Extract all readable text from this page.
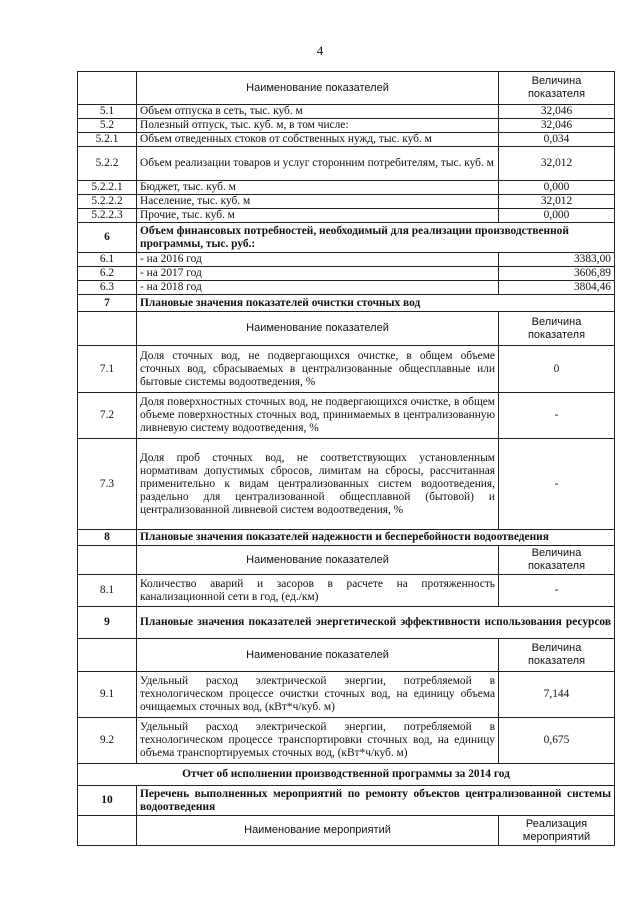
4
	Наименование показателей	Величина показателя
5.1	Объем отпуска в сеть, тыс. куб. м	32,046
5.2	Полезный отпуск, тыс. куб. м, в том числе:	32,046
5.2.1	Объем отведенных стоков от собственных нужд, тыс. куб. м	0,034
5.2.2	Объем реализации товаров и услуг сторонним потребителям, тыс. куб. м	32,012
5.2.2.1	Бюджет, тыс. куб. м	0,000
5.2.2.2	Население, тыс. куб. м	32,012
5.2.2.3	Прочие, тыс. куб. м	0,000
6	Объем финансовых потребностей, необходимый для реализации производственной программы, тыс. руб.:	
6.1	- на 2016 год	3383,00
6.2	- на 2017 год	3606,89
6.3	- на 2018 год	3804,46
7	Плановые значения показателей очистки сточных вод	
	Наименование показателей	Величина показателя
7.1	Доля сточных вод, не подвергающихся очистке, в общем объеме сточных вод, сбрасываемых в централизованные общесплавные или бытовые системы водоотведения, %	0
7.2	Доля поверхностных сточных вод, не подвергающихся очистке, в общем объеме поверхностных сточных вод, принимаемых в централизованную ливневую систему водоотведения, %	-
7.3	Доля проб сточных вод, не соответствующих установленным нормативам допустимых сбросов, лимитам на сбросы, рассчитанная применительно к видам централизованных систем водоотведения, раздельно для централизованной общесплавной (бытовой) и централизованной ливневой систем водоотведения, %	-
8	Плановые значения показателей надежности и бесперебойности водоотведения	
	Наименование показателей	Величина показателя
8.1	Количество аварий и засоров в расчете на протяженность канализационной сети в год, (ед./км)	-
9	Плановые значения показателей энергетической эффективности использования ресурсов	

	Наименование показателей	Величина показателя
9.1	Удельный расход электрической энергии, потребляемой в технологическом процессе очистки сточных вод, на единицу объема очищаемых сточных вод, (кВт*ч/куб. м)	7,144
9.2	Удельный расход электрической энергии, потребляемой в технологическом процессе транспортировки сточных вод, на единицу объема транспортируемых сточных вод, (кВт*ч/куб. м)	0,675
Отчет об исполнении производственной программы за 2014 год		
10	Перечень выполненных мероприятий по ремонту объектов централизованной системы водоотведения	

	Наименование мероприятий	Реализация мероприятий
